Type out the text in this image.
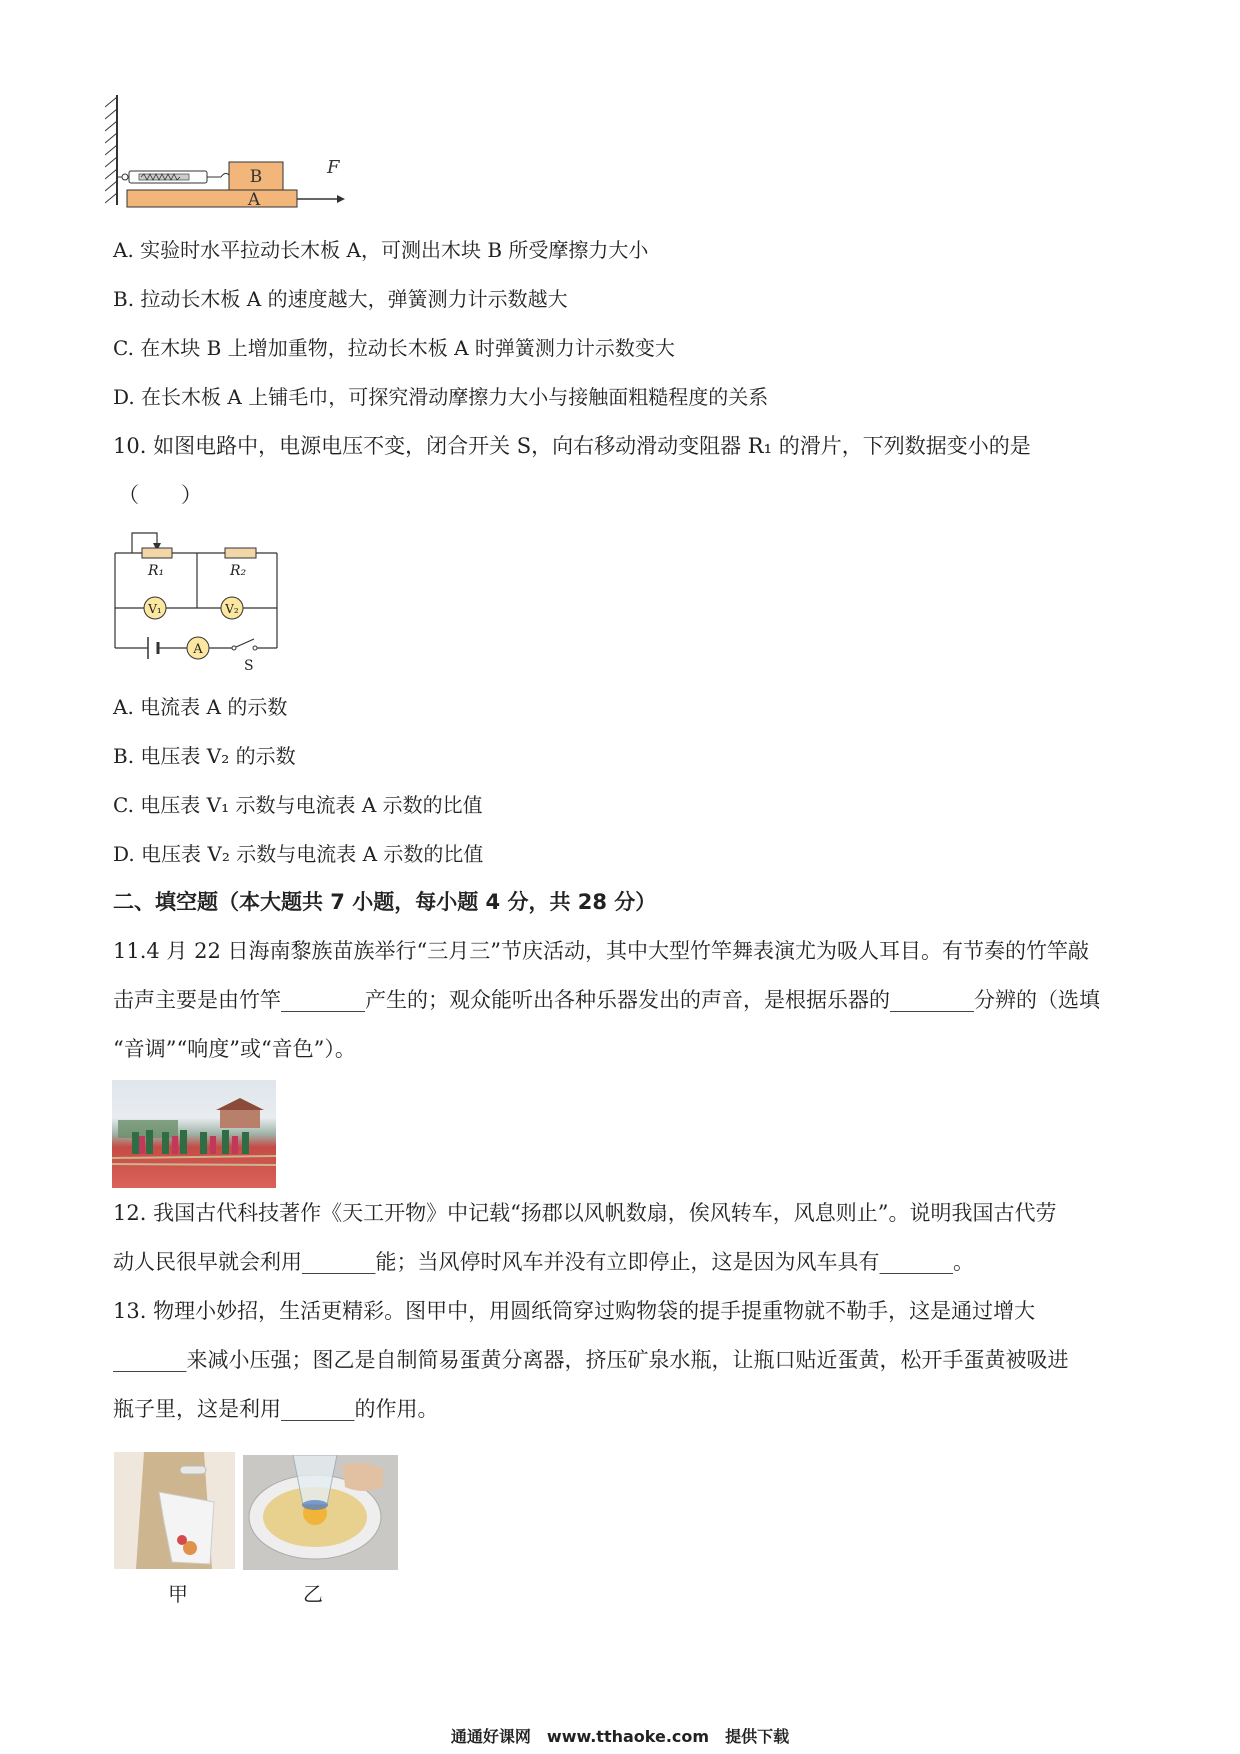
B
A
F
A. 实验时水平拉动长木板 A，可测出木块 B 所受摩擦力大小
B. 拉动长木板 A 的速度越大，弹簧测力计示数越大
C. 在木块 B 上增加重物，拉动长木板 A 时弹簧测力计示数变大
D. 在长木板 A 上铺毛巾，可探究滑动摩擦力大小与接触面粗糙程度的关系
10. 如图电路中，电源电压不变，闭合开关 S，向右移动滑动变阻器 R₁ 的滑片，下列数据变小的是
（　　）
R₁	R₂
V₁	V₂
A
S
A. 电流表 A 的示数
B. 电压表 V₂ 的示数
C. 电压表 V₁ 示数与电流表 A 示数的比值
D. 电压表 V₂ 示数与电流表 A 示数的比值
二、填空题（本大题共 7 小题，每小题 4 分，共 28 分）
11.4 月 22 日海南黎族苗族举行“三月三”节庆活动，其中大型竹竿舞表演尤为吸人耳目。有节奏的竹竿敲
击声主要是由竹竿________产生的；观众能听出各种乐器发出的声音，是根据乐器的________分辨的（选填
“音调”“响度”或“音色”）。
12. 我国古代科技著作《天工开物》中记载“扬郡以风帆数扇，俟风转车，风息则止”。说明我国古代劳
动人民很早就会利用_______能；当风停时风车并没有立即停止，这是因为风车具有_______。
13. 物理小妙招，生活更精彩。图甲中，用圆纸筒穿过购物袋的提手提重物就不勒手，这是通过增大
_______来减小压强；图乙是自制简易蛋黄分离器，挤压矿泉水瓶，让瓶口贴近蛋黄，松开手蛋黄被吸进
瓶子里，这是利用_______的作用。
甲	乙
通通好课网　www.tthaoke.com　提供下载
